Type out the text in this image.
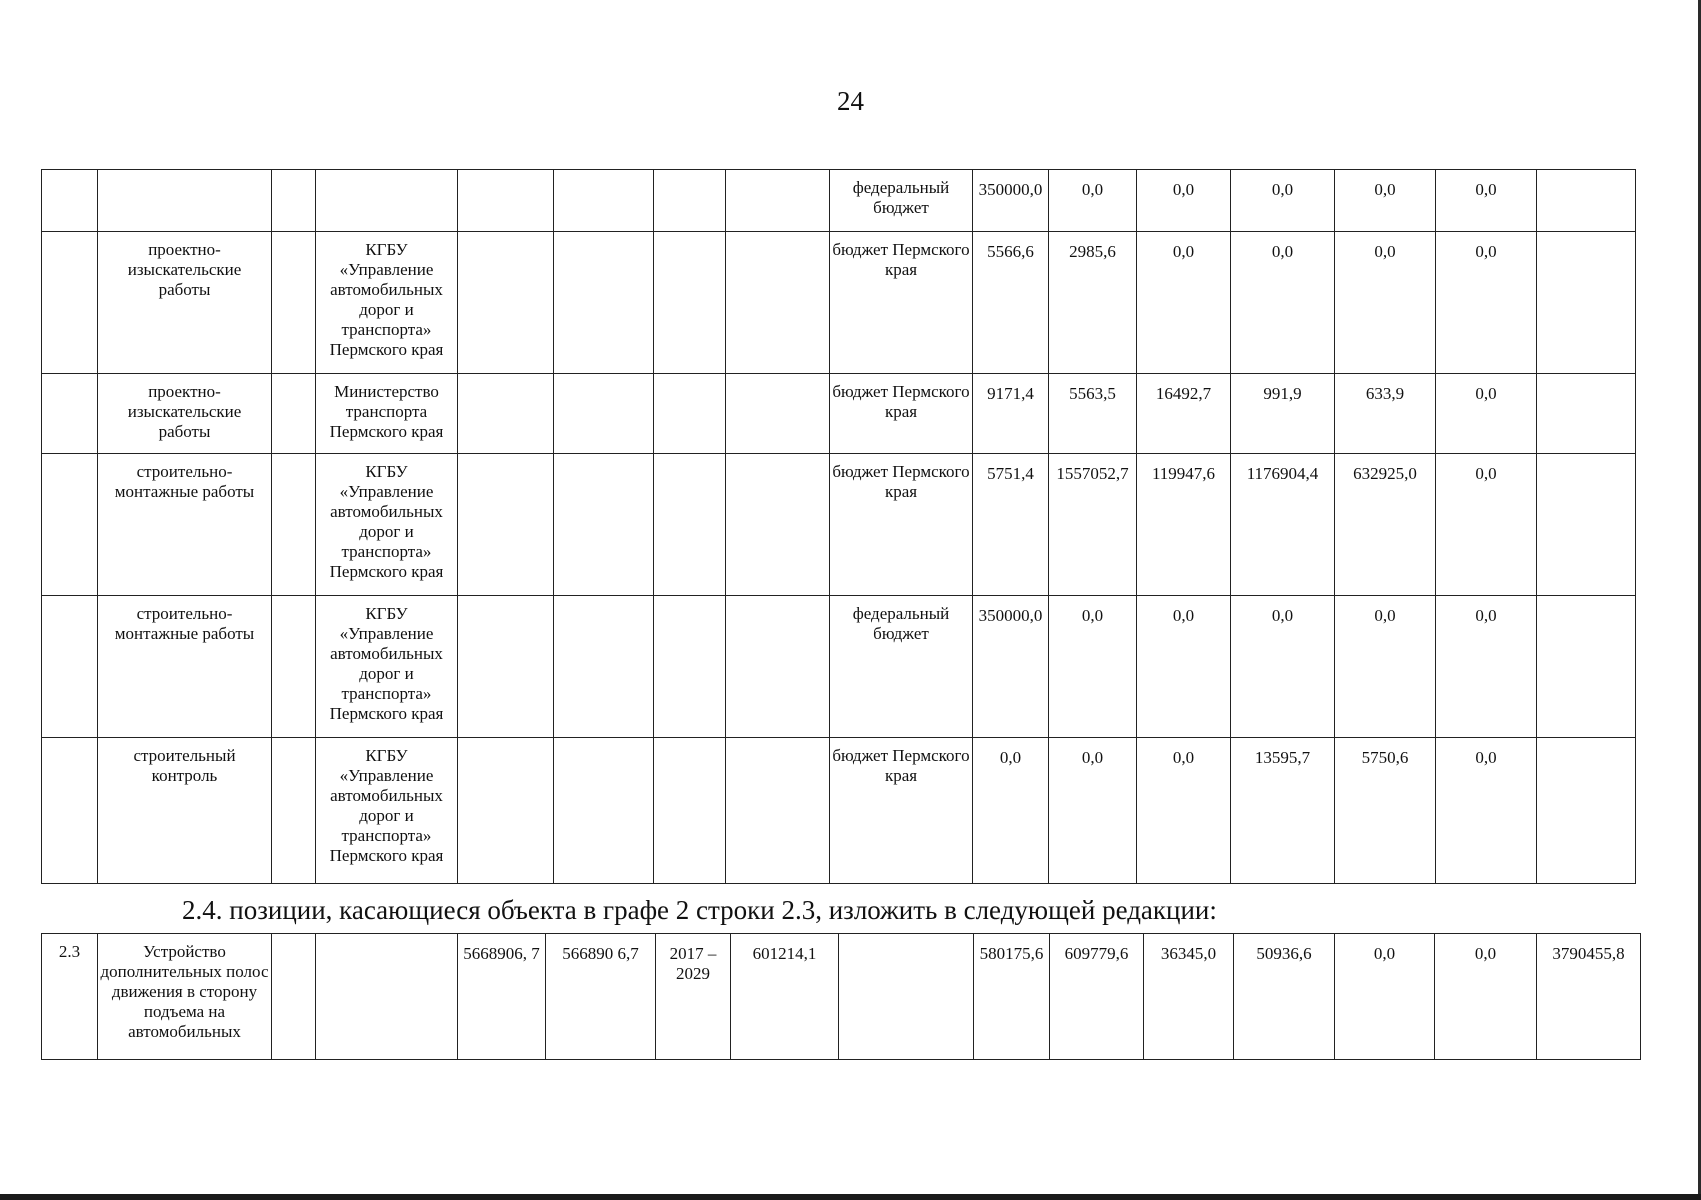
24
								федеральный бюджет	350000,0	0,0	0,0	0,0	0,0	0,0	
	проектно-изыскательские работы		КГБУ «Управление автомобильных дорог и транспорта» Пермского края					бюджет Пермского края	5566,6	2985,6	0,0	0,0	0,0	0,0	
	проектно-изыскательские работы		Министерство транспорта Пермского края					бюджет Пермского края	9171,4	5563,5	16492,7	991,9	633,9	0,0	
	строительно-монтажные работы		КГБУ «Управление автомобильных дорог и транспорта» Пермского края					бюджет Пермского края	5751,4	1557052,7	119947,6	1176904,4	632925,0	0,0	
	строительно-монтажные работы		КГБУ «Управление автомобильных дорог и транспорта» Пермского края					федеральный бюджет	350000,0	0,0	0,0	0,0	0,0	0,0	
	строительный контроль		КГБУ «Управление автомобильных дорог и транспорта» Пермского края					бюджет Пермского края	0,0	0,0	0,0	13595,7	5750,6	0,0	
2.4. позиции, касающиеся объекта в графе 2 строки 2.3, изложить в следующей редакции:
2.3	Устройство дополнительных полос движения в сторону подъема на автомобильных			5668906, 7	566890 6,7	2017 – 2029	601214,1		580175,6	609779,6	36345,0	50936,6	0,0	0,0	3790455,8
